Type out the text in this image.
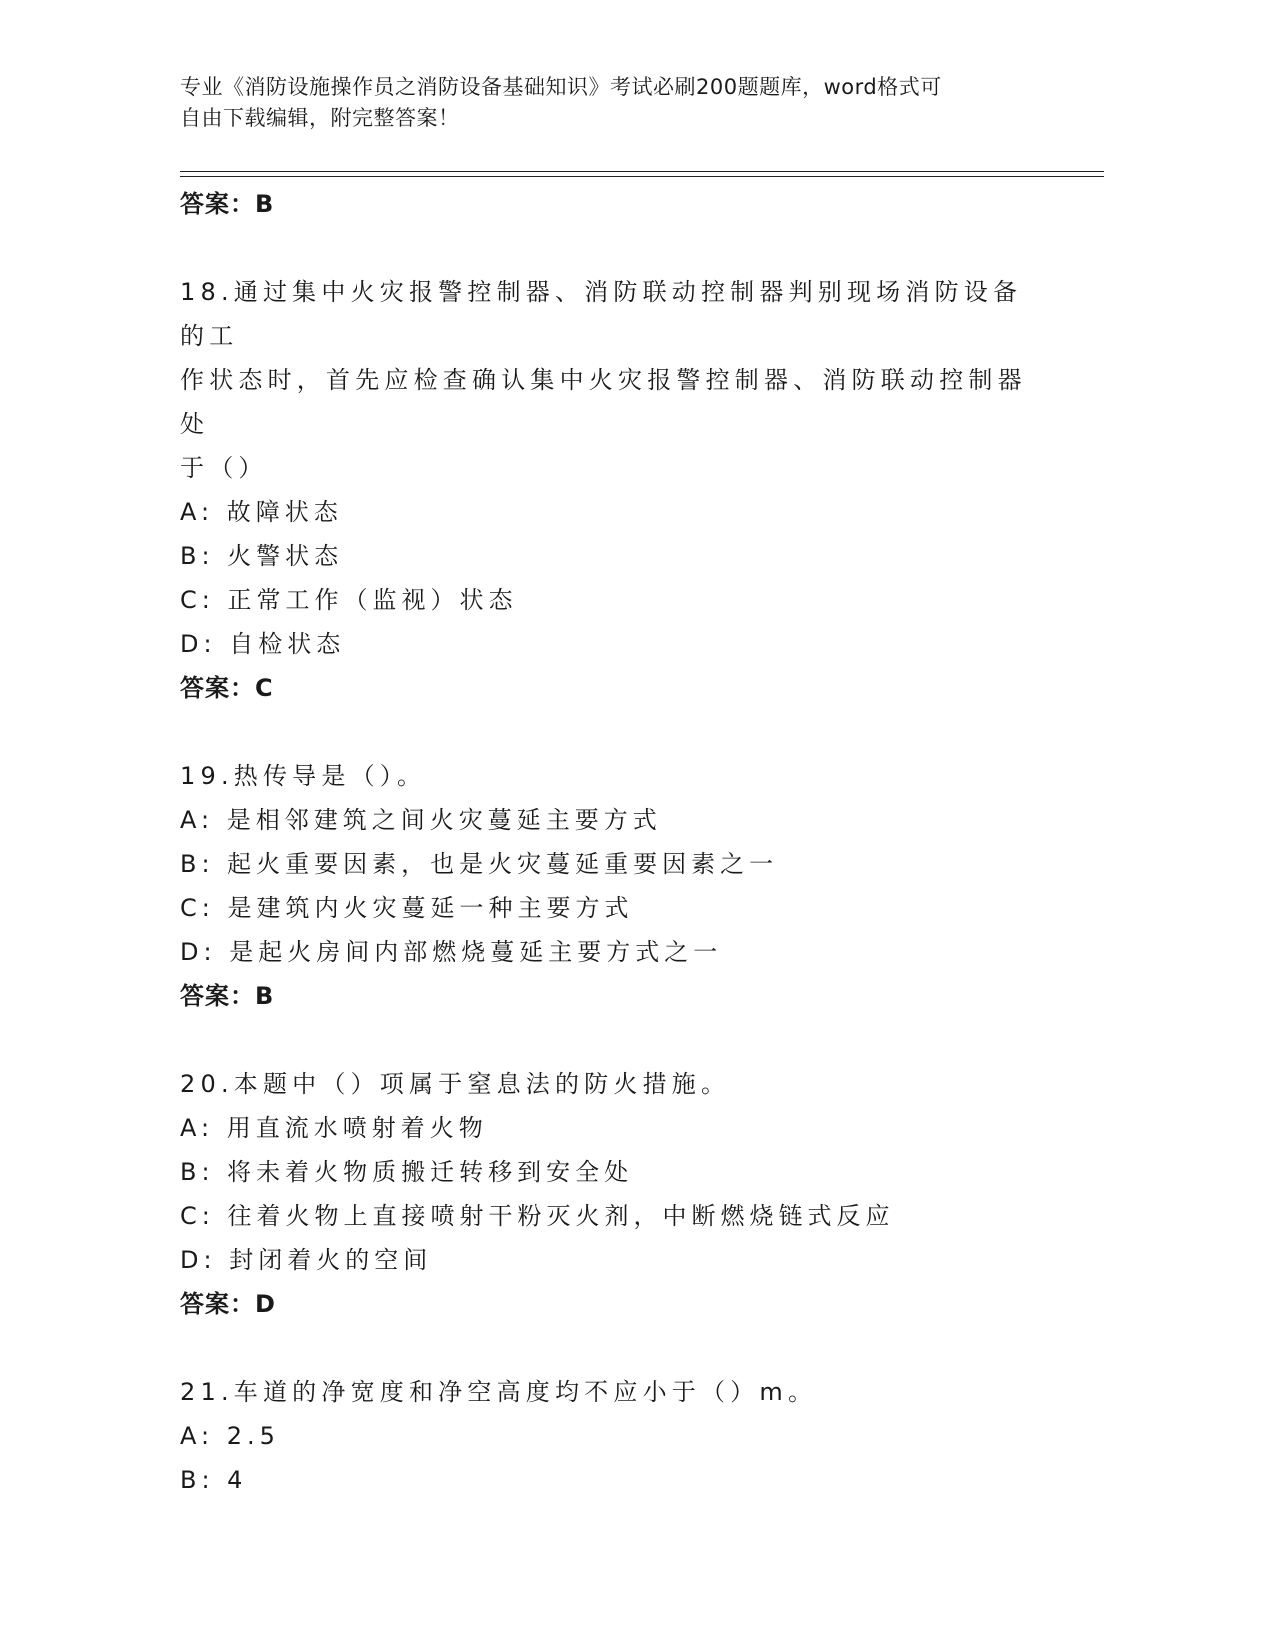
专业《消防设施操作员之消防设备基础知识》考试必刷200题题库，word格式可
自由下载编辑，附完整答案！
答案：B
18.通过集中火灾报警控制器、消防联动控制器判别现场消防设备的工
作状态时，首先应检查确认集中火灾报警控制器、消防联动控制器处
于（）
A: 故障状态
B: 火警状态
C: 正常工作（监视）状态
D: 自检状态
答案：C
19.热传导是（）。
A: 是相邻建筑之间火灾蔓延主要方式
B: 起火重要因素，也是火灾蔓延重要因素之一
C: 是建筑内火灾蔓延一种主要方式
D: 是起火房间内部燃烧蔓延主要方式之一
答案：B
20.本题中（）项属于窒息法的防火措施。
A: 用直流水喷射着火物
B: 将未着火物质搬迁转移到安全处
C: 往着火物上直接喷射干粉灭火剂，中断燃烧链式反应
D: 封闭着火的空间
答案：D
21.车道的净宽度和净空高度均不应小于（）m。
A: 2.5
B: 4
